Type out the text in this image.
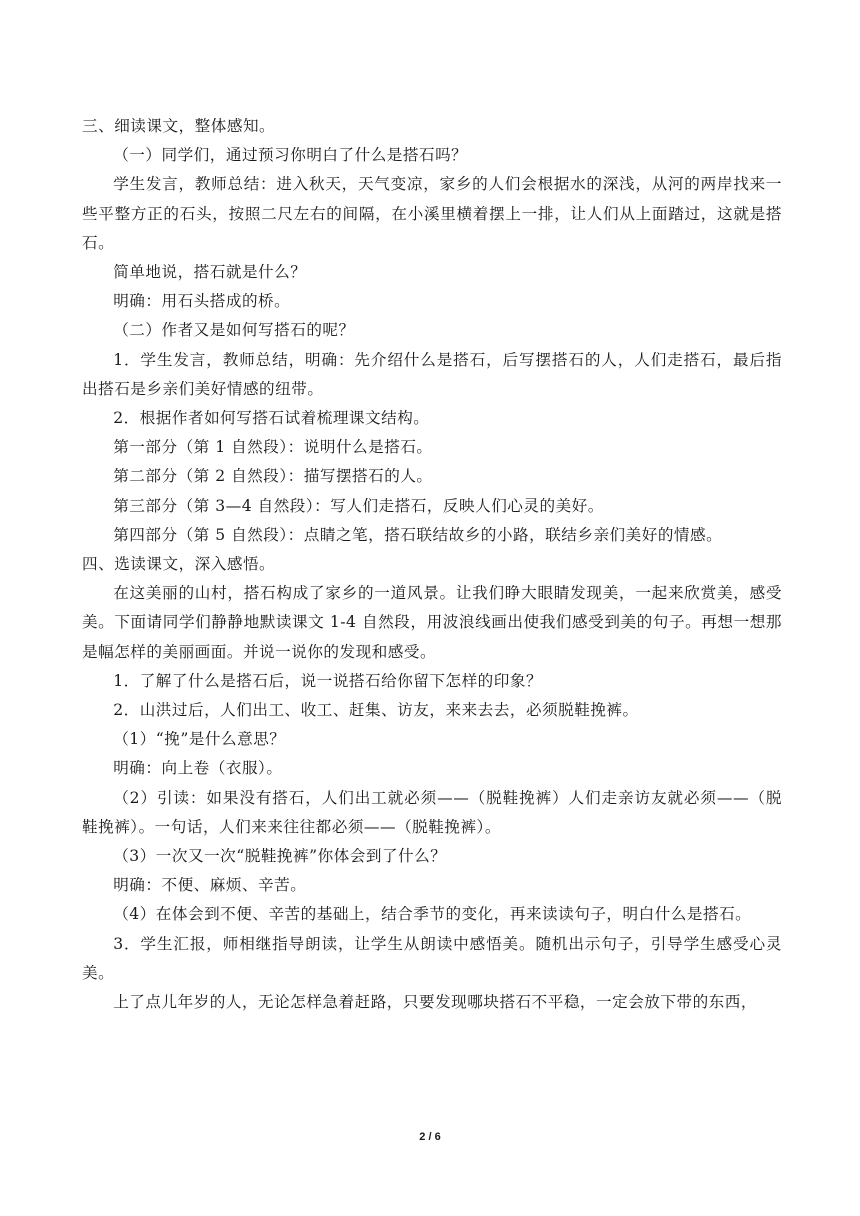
三、细读课文，整体感知。

（一）同学们，通过预习你明白了什么是搭石吗？

学生发言，教师总结：进入秋天，天气变凉，家乡的人们会根据水的深浅，从河的两岸找来一些平整方正的石头，按照二尺左右的间隔，在小溪里横着摆上一排，让人们从上面踏过，这就是搭石。

简单地说，搭石就是什么？

明确：用石头搭成的桥。

（二）作者又是如何写搭石的呢？

1．学生发言，教师总结，明确：先介绍什么是搭石，后写摆搭石的人，人们走搭石，最后指出搭石是乡亲们美好情感的纽带。

2．根据作者如何写搭石试着梳理课文结构。

第一部分（第 1 自然段）：说明什么是搭石。

第二部分（第 2 自然段）：描写摆搭石的人。

第三部分（第 3—4 自然段）：写人们走搭石，反映人们心灵的美好。

第四部分（第 5 自然段）：点睛之笔，搭石联结故乡的小路，联结乡亲们美好的情感。

四、选读课文，深入感悟。

在这美丽的山村，搭石构成了家乡的一道风景。让我们睁大眼睛发现美，一起来欣赏美，感受美。下面请同学们静静地默读课文 1-4 自然段，用波浪线画出使我们感受到美的句子。再想一想那是幅怎样的美丽画面。并说一说你的发现和感受。

1．了解了什么是搭石后，说一说搭石给你留下怎样的印象？

2．山洪过后，人们出工、收工、赶集、访友，来来去去，必须脱鞋挽裤。

（1）“挽”是什么意思？

明确：向上卷（衣服）。

（2）引读：如果没有搭石，人们出工就必须——（脱鞋挽裤）人们走亲访友就必须——（脱鞋挽裤）。一句话，人们来来往往都必须——（脱鞋挽裤）。

（3）一次又一次“脱鞋挽裤”你体会到了什么？

明确：不便、麻烦、辛苦。

（4）在体会到不便、辛苦的基础上，结合季节的变化，再来读读句子，明白什么是搭石。

3．学生汇报，师相继指导朗读，让学生从朗读中感悟美。随机出示句子，引导学生感受心灵美。

上了点儿年岁的人，无论怎样急着赶路，只要发现哪块搭石不平稳，一定会放下带的东西，

2 / 6
